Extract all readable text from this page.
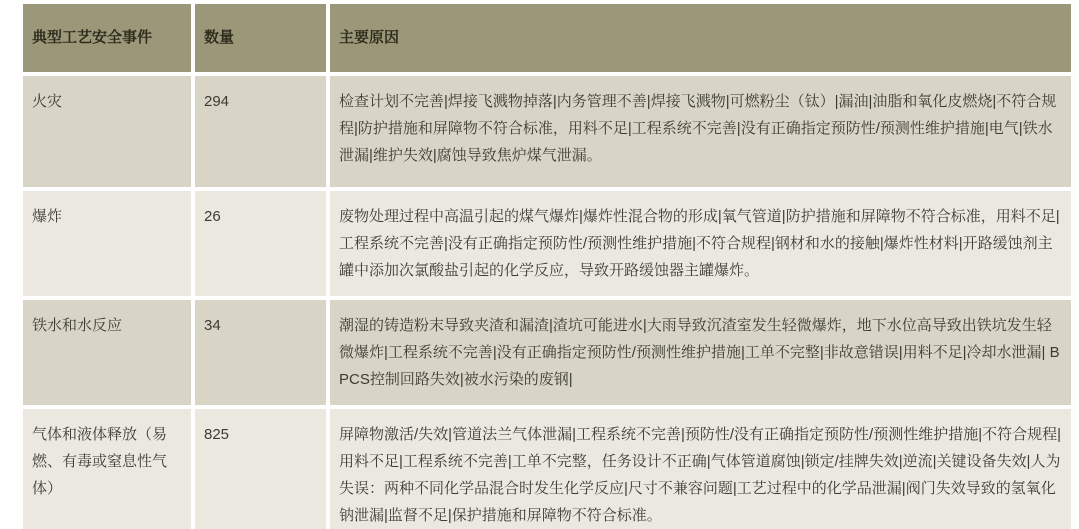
典型工艺安全事件	数量	主要原因
火灾	294	检查计划不完善|焊接飞溅物掉落|内务管理不善|焊接飞溅物|可燃粉尘（钛）|漏油|油脂和氧化皮燃烧|不符合规程|防护措施和屏障物不符合标准，用料不足|工程系统不完善|没有正确指定预防性/预测性维护措施|电气|铁水泄漏|维护失效|腐蚀导致焦炉煤气泄漏。
爆炸	26	废物处理过程中高温引起的煤气爆炸|爆炸性混合物的形成|氧气管道|防护措施和屏障物不符合标准，用料不足|工程系统不完善|没有正确指定预防性/预测性维护措施|不符合规程|钢材和水的接触|爆炸性材料|开路缓蚀剂主罐中添加次氯酸盐引起的化学反应，导致开路缓蚀器主罐爆炸。
铁水和水反应	34	潮湿的铸造粉末导致夹渣和漏渣|渣坑可能进水|大雨导致沉渣室发生轻微爆炸，地下水位高导致出铁坑发生轻微爆炸|工程系统不完善|没有正确指定预防性/预测性维护措施|工单不完整|非故意错误|用料不足|冷却水泄漏| BPCS控制回路失效|被水污染的废钢|
气体和液体释放（易燃、有毒或窒息性气体）	825	屏障物激活/失效|管道法兰气体泄漏|工程系统不完善|预防性/没有正确指定预防性/预测性维护措施|不符合规程|用料不足|工程系统不完善|工单不完整，任务设计不正确|气体管道腐蚀|锁定/挂牌失效|逆流|关键设备失效|人为失误：两种不同化学品混合时发生化学反应|尺寸不兼容问题|工艺过程中的化学品泄漏|阀门失效导致的氢氧化钠泄漏|监督不足|保护措施和屏障物不符合标准。
